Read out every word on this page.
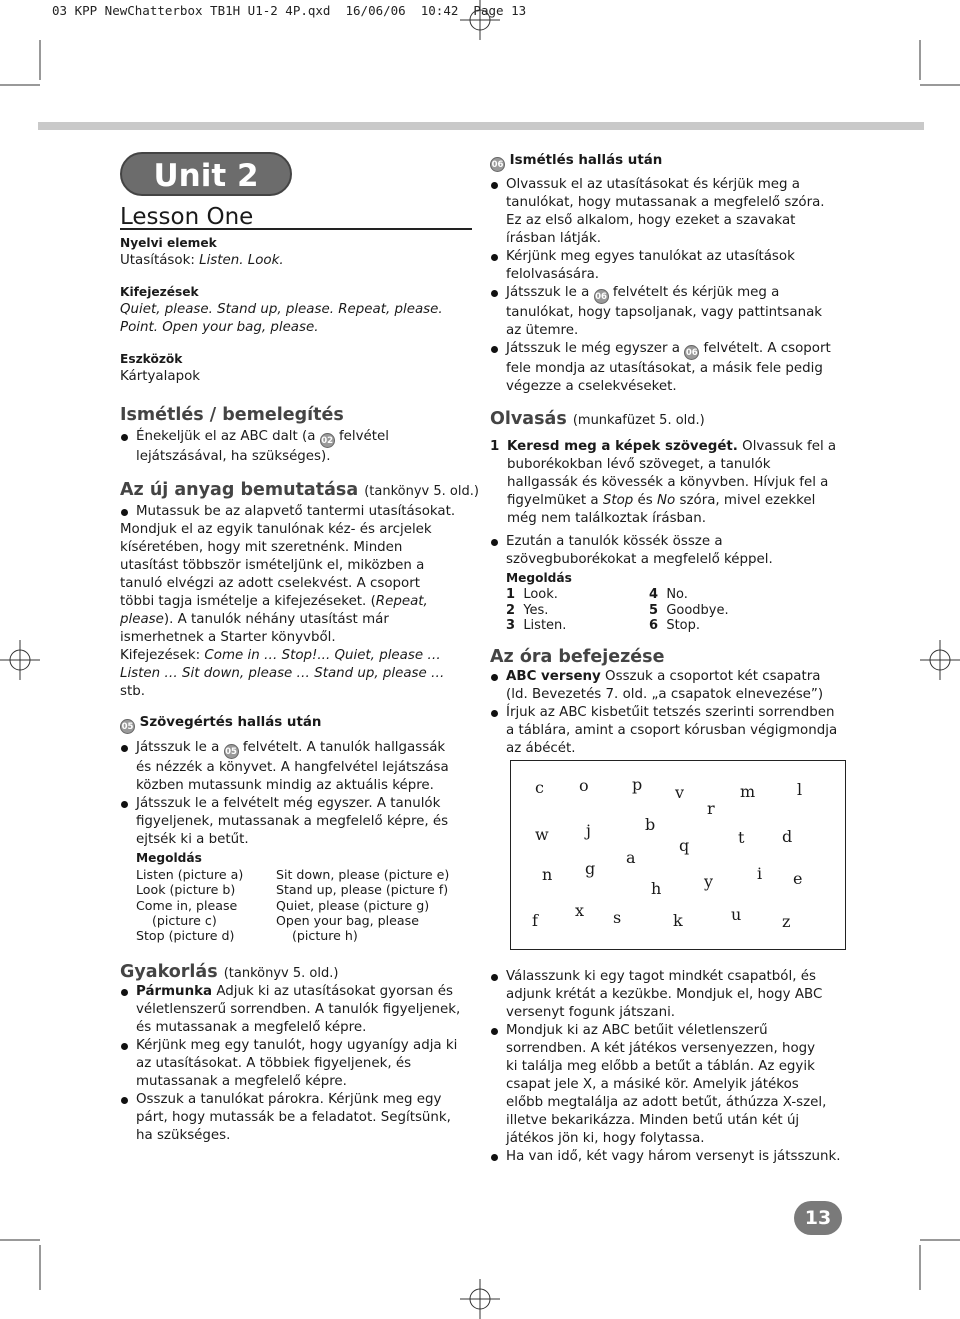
03 KPP NewChatterbox TB1H U1-2 4P.qxd  16/06/06  10:42  Page 13
Unit 2
Lesson One

Nyelvi elemek

Utasítások: Listen. Look.

Kifejezések

Quiet, please. Stand up, please. Repeat, please.

Point. Open your bag, please.

Eszközök

Kártyalapok

Ismétlés / bemelegítés

Énekeljük el az ABC dalt (a 02 felvétel

lejátszásával, ha szükséges).

Az új anyag bemutatása (tankönyv 5. old.)

Mutassuk be az alapvető tantermi utasításokat.

Mondjuk el az egyik tanulónak kéz- és arcjelek

kíséretében, hogy mit szeretnénk. Minden

utasítást többször ismételjünk el, miközben a

tanuló elvégzi az adott cselekvést. A csoport

többi tagja ismételje a kifejezéseket. (Repeat,

please). A tanulók néhány utasítást már

ismerhetnek a Starter könyvből.

Kifejezések: Come in … Stop!... Quiet, please …

Listen … Sit down, please … Stand up, please …

stb.

05 Szövegértés hallás után

Játsszuk le a 05 felvételt. A tanulók hallgassák

és nézzék a könyvet. A hangfelvétel lejátszása

közben mutassunk mindig az aktuális képre.

Játsszuk le a felvételt még egyszer. A tanulók

figyeljenek, mutassanak a megfelelő képre, és

ejtsék ki a betűt.

Megoldás

Listen (picture a)	Sit down, please (picture e)
Look (picture b)	Stand up, please (picture f)
Come in, please	Quiet, please (picture g)
(picture c)	Open your bag, please
Stop (picture d)	(picture h)

Gyakorlás (tankönyv 5. old.)

Pármunka Adjuk ki az utasításokat gyorsan és

véletlenszerű sorrendben. A tanulók figyeljenek,

és mutassanak a megfelelő képre.

Kérjünk meg egy tanulót, hogy ugyanígy adja ki

az utasításokat. A többiek figyeljenek, és

mutassanak a megfelelő képre.

Osszuk a tanulókat párokra. Kérjünk meg egy

párt, hogy mutassák be a feladatot. Segítsünk,

ha szükséges.

06 Ismétlés hallás után

Olvassuk el az utasításokat és kérjük meg a

tanulókat, hogy mutassanak a megfelelő szóra.

Ez az első alkalom, hogy ezeket a szavakat

írásban látják.

Kérjünk meg egyes tanulókat az utasítások

felolvasására.

Játsszuk le a 06 felvételt és kérjük meg a

tanulókat, hogy tapsoljanak, vagy pattintsanak

az ütemre.

Játsszuk le még egyszer a 06 felvételt. A csoport

fele mondja az utasításokat, a másik fele pedig

végezze a cselekvéseket.

Olvasás (munkafüzet 5. old.)

1 Keresd meg a képek szövegét. Olvassuk fel a

buborékokban lévő szöveget, a tanulók

hallgassák és kövessék a könyvben. Hívjuk fel a

figyelmüket a Stop és No szóra, mivel ezekkel

még nem találkoztak írásban.

Ezután a tanulók kössék össze a

szövegbuborékokat a megfelelő képpel.

Megoldás

1 Look.	4 No.
2 Yes.	5 Goodbye.
3 Listen.	6 Stop.

Az óra befejezése

ABC verseny Osszuk a csoportot két csapatra

(ld. Bevezetés 7. old. „a csapatok elnevezése”)

Írjuk az ABC kisbetűit tetszés szerinti sorrendben

a táblára, amint a csoport kórusban végigmondja

az ábécét.

c o	p v	m	l
r
w j	b
q	t d
a
n g	i e
h	y
f
x s	k	u	z

Válasszunk ki egy tagot mindkét csapatból, és

adjunk krétát a kezükbe. Mondjuk el, hogy ABC

versenyt fogunk játszani.

Mondjuk ki az ABC betűit véletlenszerű

sorrendben. A két játékos versenyezzen, hogy

ki találja meg előbb a betűt a táblán. Az egyik

csapat jele X, a másiké kör. Amelyik játékos

előbb megtalálja az adott betűt, áthúzza X-szel,

illetve bekarikázza. Minden betű után két új

játékos jön ki, hogy folytassa.

Ha van idő, két vagy három versenyt is játsszunk.

13
